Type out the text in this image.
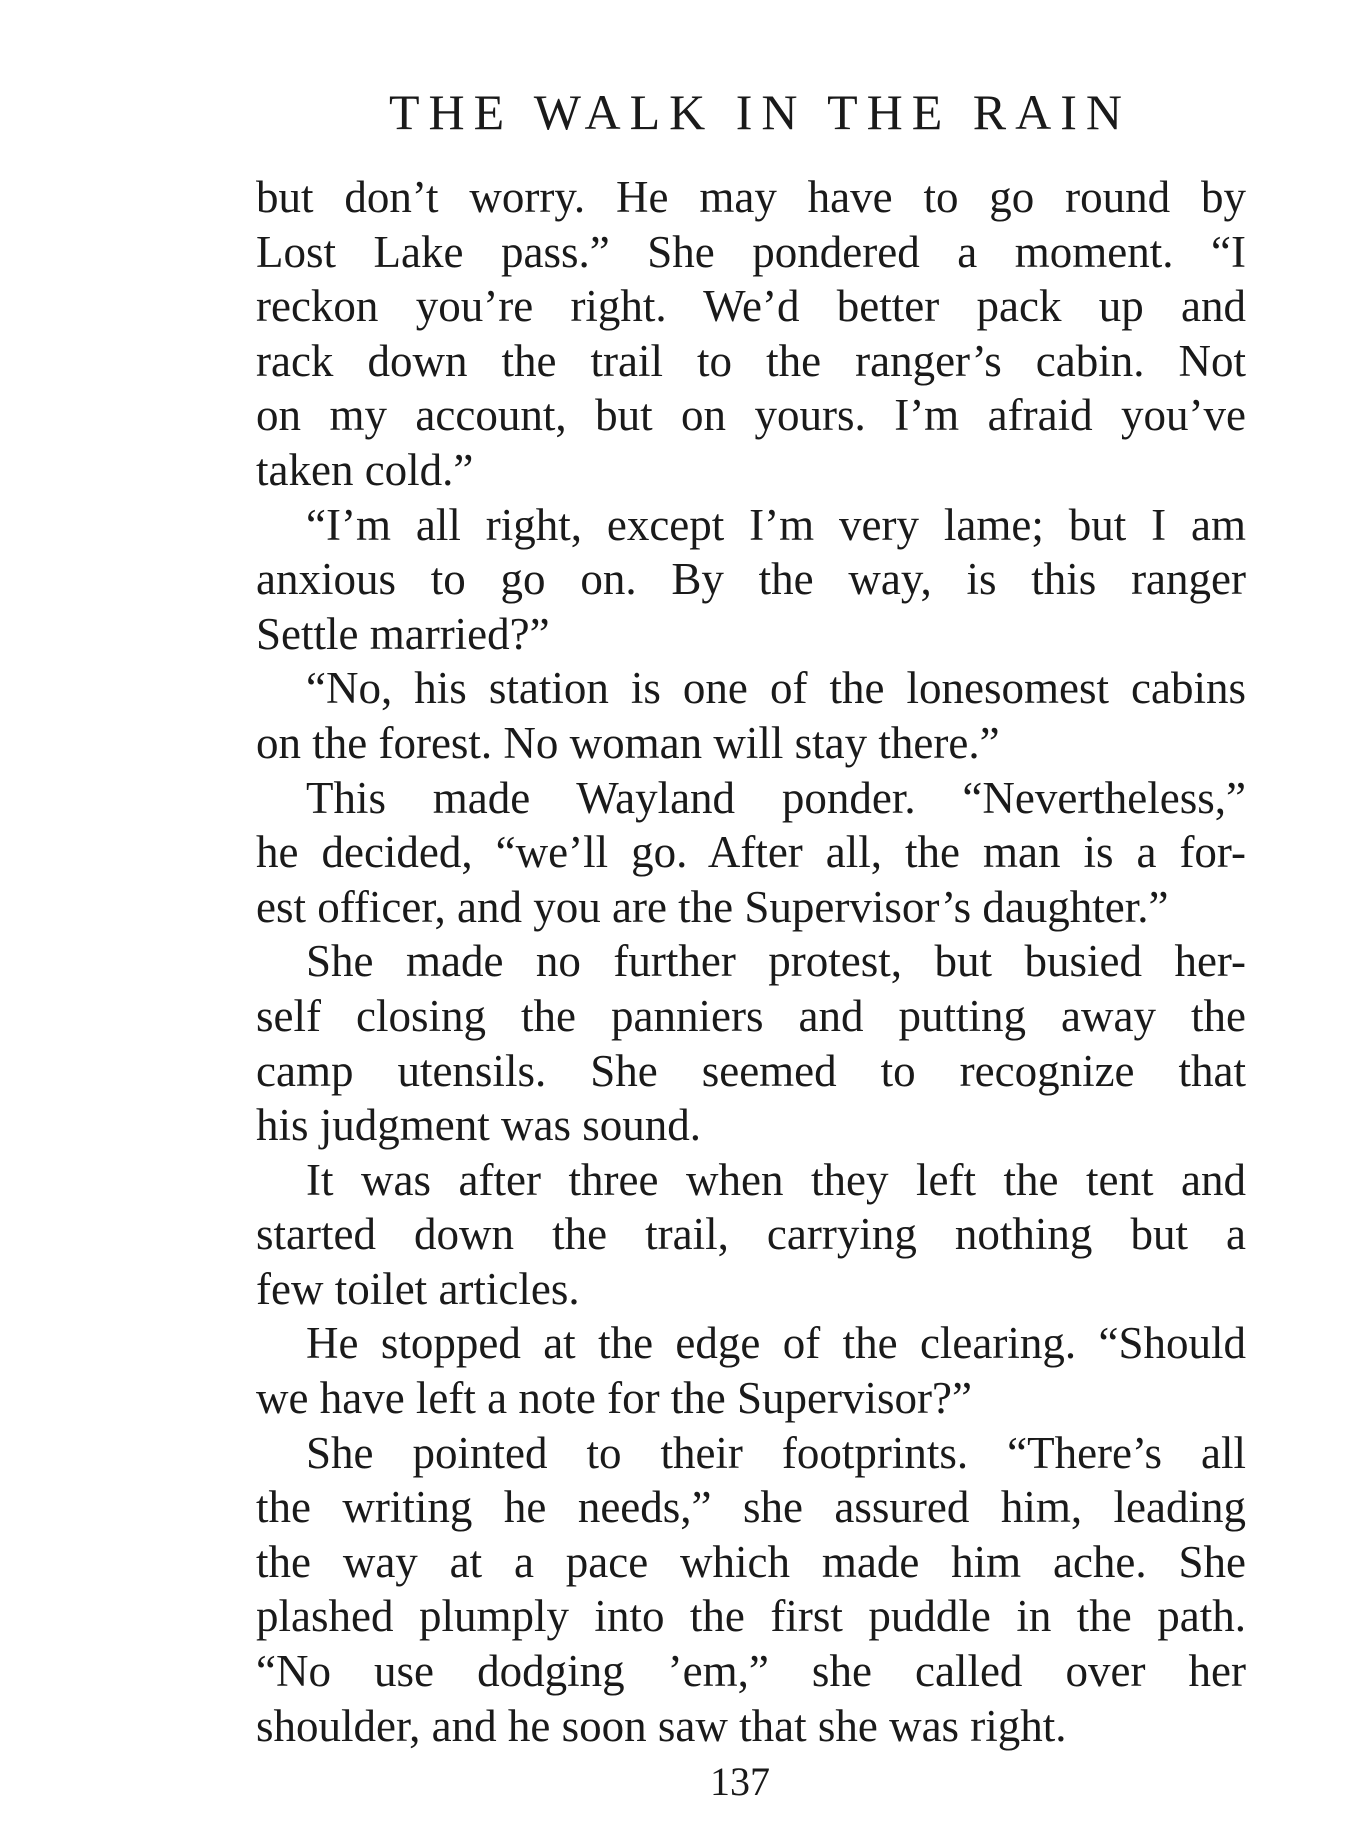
THE WALK IN THE RAIN
but don’t worry. He may have to go round by
Lost Lake pass.” She pondered a moment. “I
reckon you’re right. We’d better pack up and
rack down the trail to the ranger’s cabin. Not
on my account, but on yours. I’m afraid you’ve
taken cold.”
“I’m all right, except I’m very lame; but I am
anxious to go on. By the way, is this ranger
Settle married?”
“No, his station is one of the lonesomest cabins
on the forest. No woman will stay there.”
This made Wayland ponder. “Nevertheless,”
he decided, “we’ll go. After all, the man is a for-
est officer, and you are the Supervisor’s daughter.”
She made no further protest, but busied her-
self closing the panniers and putting away the
camp utensils. She seemed to recognize that
his judgment was sound.
It was after three when they left the tent and
started down the trail, carrying nothing but a
few toilet articles.
He stopped at the edge of the clearing. “Should
we have left a note for the Supervisor?”
She pointed to their footprints. “There’s all
the writing he needs,” she assured him, leading
the way at a pace which made him ache. She
plashed plumply into the first puddle in the path.
“No use dodging ’em,” she called over her
shoulder, and he soon saw that she was right.
137
